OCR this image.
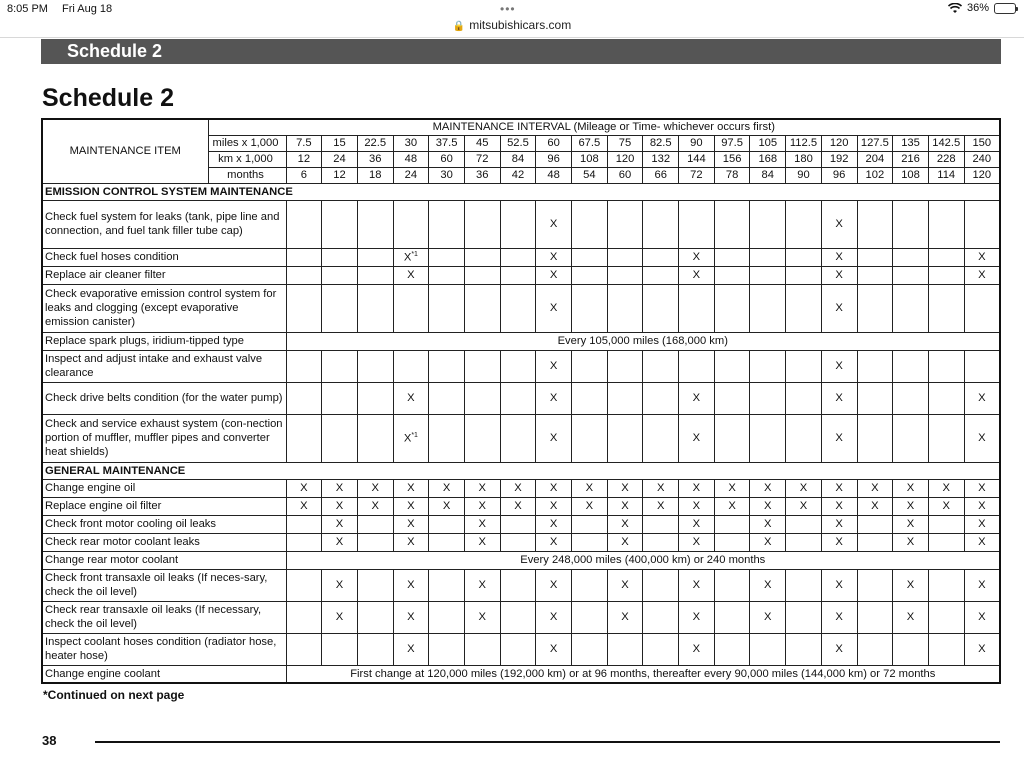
8:05 PM Fri Aug 18	•••	36%
🔒 mitsubishicars.com
Schedule 2
Schedule 2
MAINTENANCE ITEM	MAINTENANCE INTERVAL (Mileage or Time- whichever occurs first)																				
	miles x 1,000	7.5	15	22.5	30	37.5	45	52.5	60	67.5	75	82.5	90	97.5	105	112.5	120	127.5	135	142.5	150
	km x 1,000	12	24	36	48	60	72	84	96	108	120	132	144	156	168	180	192	204	216	228	240
	months	6	12	18	24	30	36	42	48	54	60	66	72	78	84	90	96	102	108	114	120
EMISSION CONTROL SYSTEM MAINTENANCE																					
Check fuel system for leaks (tank, pipe line and connection, and fuel tank filler tube cap)									X								X				
Check fuel hoses condition					$X^{*1}$				X				X				X				X
Replace air cleaner filter					X				X				X				X				X
Check evaporative emission control system for leaks and clogging (except evaporative emission canister)									X								X				
Replace spark plugs, iridium-tipped type		Every 105,000 miles (168,000 km)																			
Inspect and adjust intake and exhaust valve clearance									X								X				
Check drive belts condition (for the water pump)					X				X				X				X				X
Check and service exhaust system (con-nection portion of muffler, muffler pipes and converter heat shields)					$X^{*1}$				X				X				X				X
GENERAL MAINTENANCE																					
Change engine oil		X	X	X	X	X	X	X	X	X	X	X	X	X	X	X	X	X	X	X	X
Replace engine oil filter		X	X	X	X	X	X	X	X	X	X	X	X	X	X	X	X	X	X	X	X
Check front motor cooling oil leaks			X		X		X		X		X		X		X		X		X		X
Check rear motor coolant leaks			X		X		X		X		X		X		X		X		X		X
Change rear motor coolant		Every 248,000 miles (400,000 km) or 240 months																			
Check front transaxle oil leaks (If neces-sary, check the oil level)			X		X		X		X		X		X		X		X		X		X
Check rear transaxle oil leaks (If necessary, check the oil level)			X		X		X		X		X		X		X		X		X		X
Inspect coolant hoses condition (radiator hose, heater hose)					X				X				X				X				X
Change engine coolant		First change at 120,000 miles (192,000 km) or at 96 months, thereafter every 90,000 miles (144,000 km) or 72 months																			
*Continued on next page
38
